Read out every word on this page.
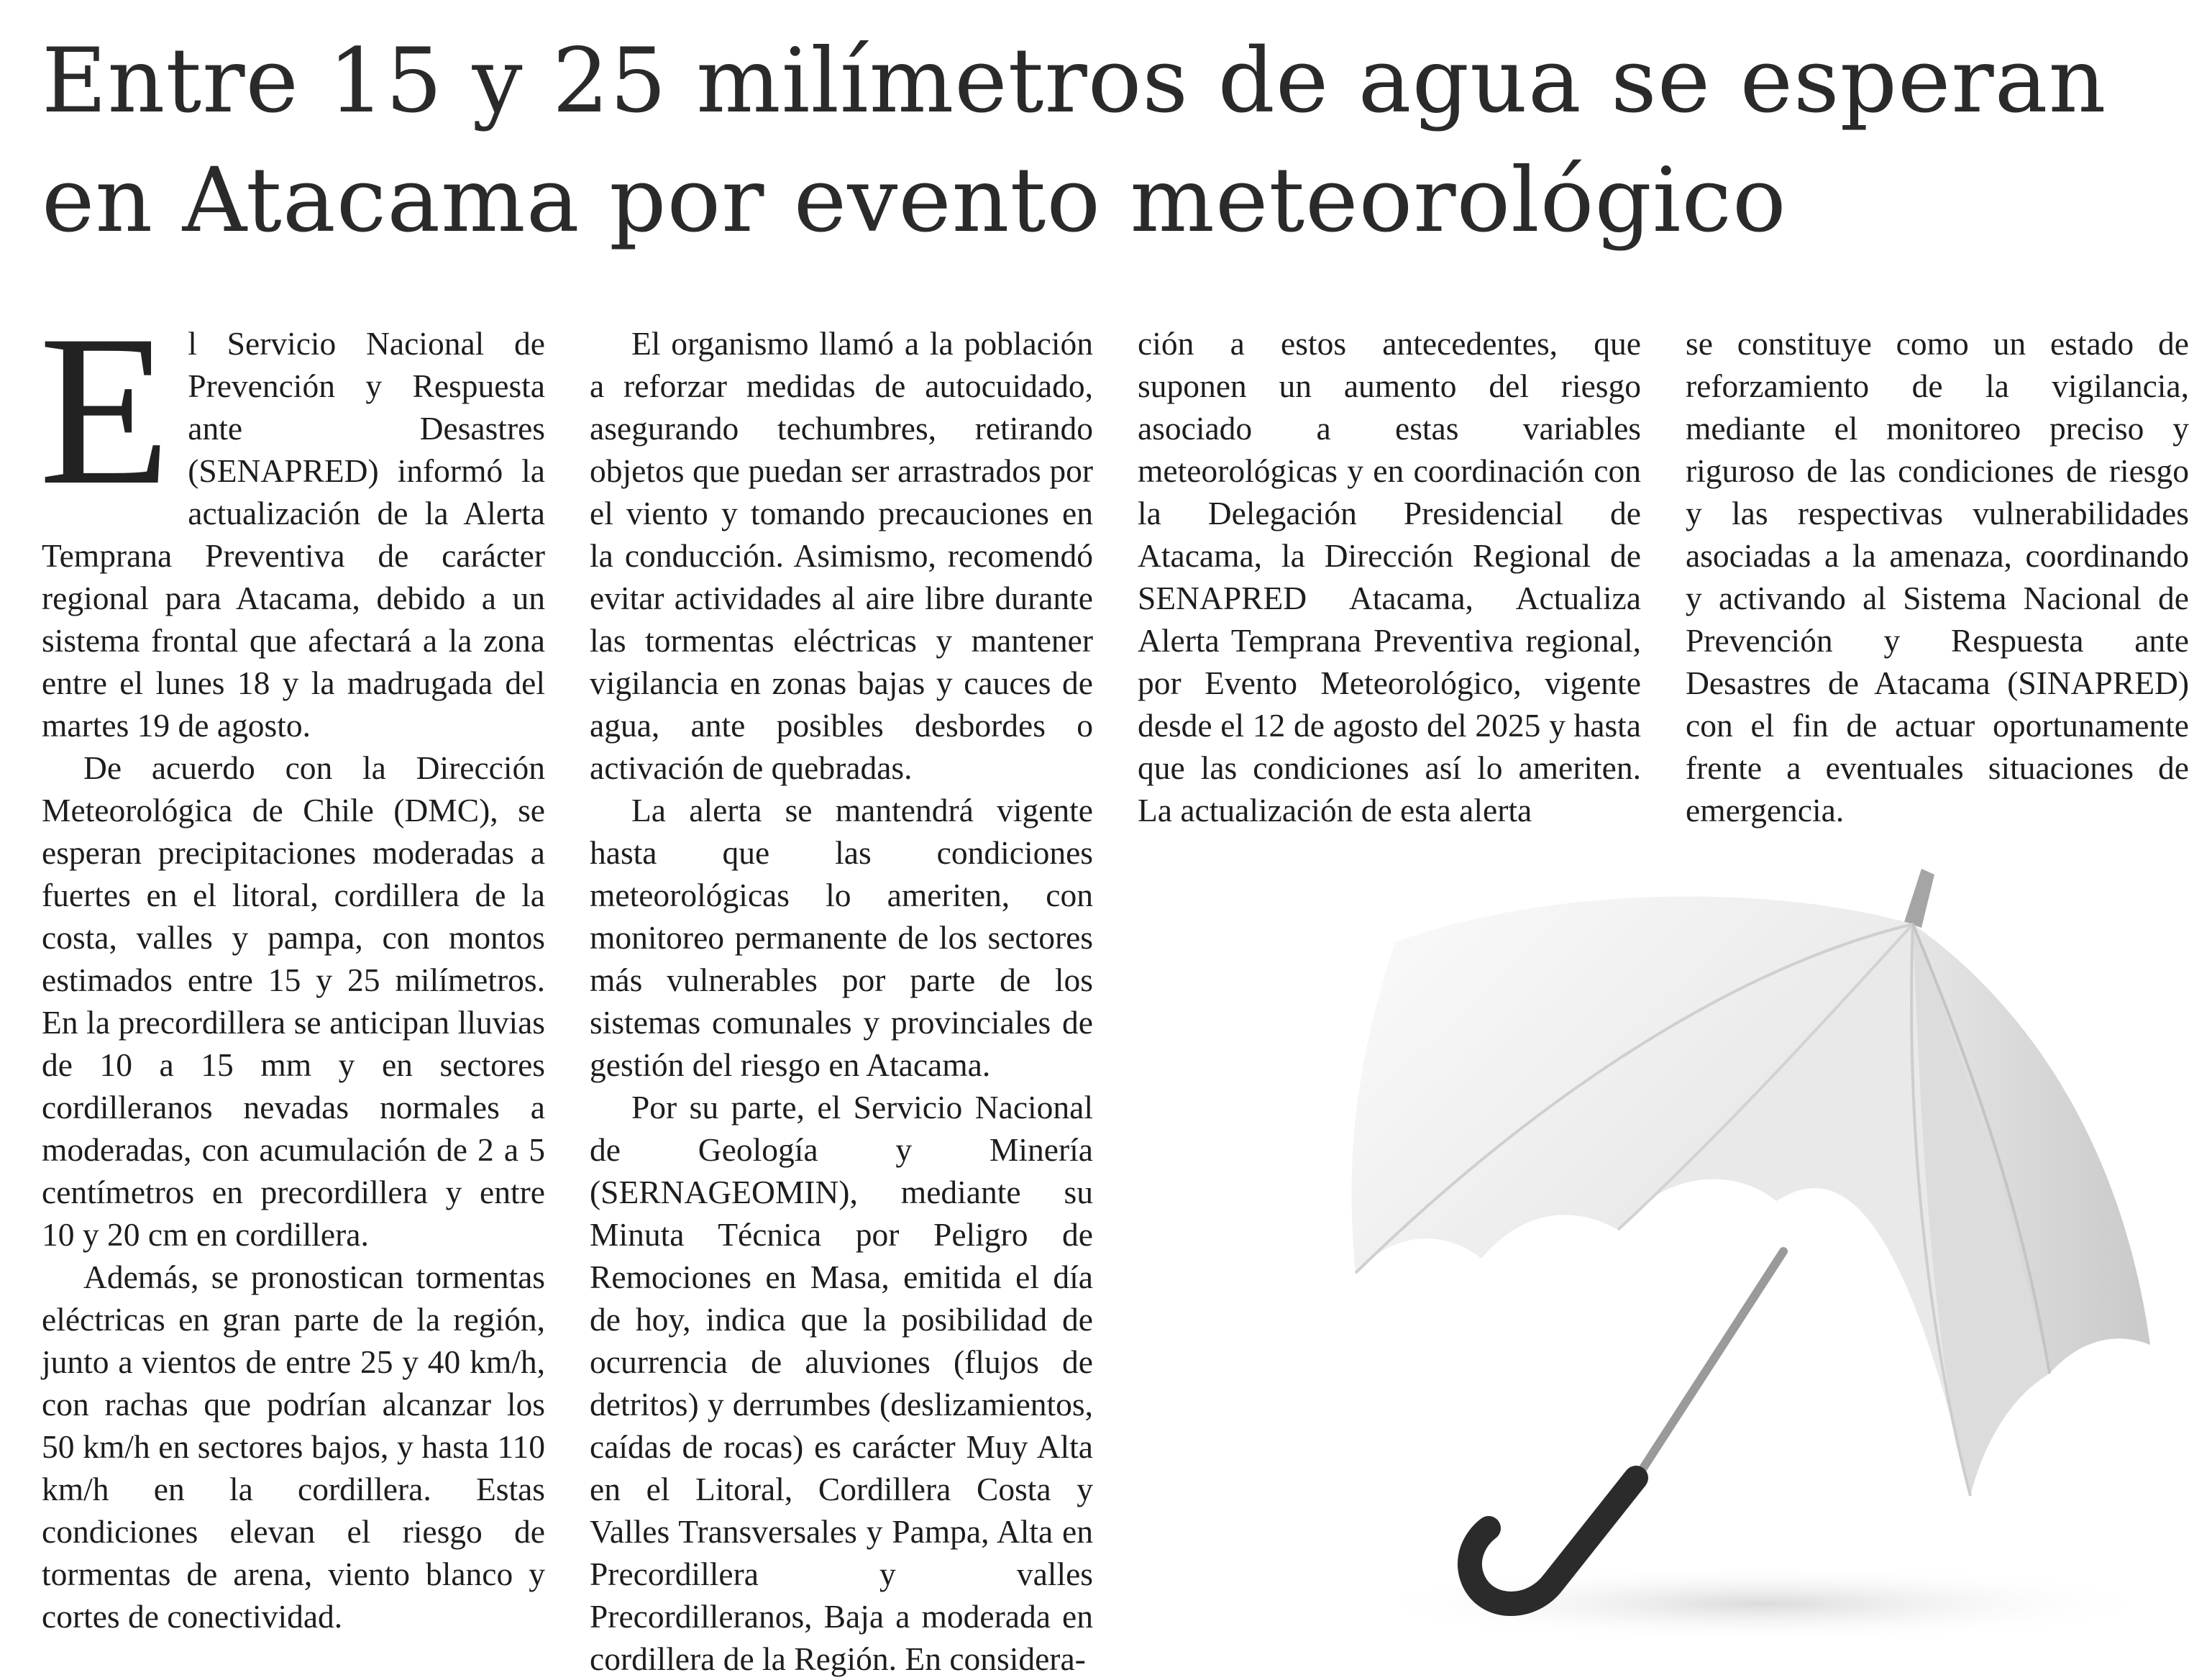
Entre 15 y 25 milímetros de agua se esperan
en Atacama por evento meteorológico

El Servicio Nacional de Prevención y Respuesta ante Desastres (SENAPRED) informó la actualización de la Alerta Temprana Preventiva de carácter regional para Atacama, debido a un sistema frontal que afectará a la zona entre el lunes 18 y la madrugada del martes 19 de agosto.

De acuerdo con la Dirección Meteorológica de Chile (DMC), se esperan precipitaciones moderadas a fuertes en el litoral, cordillera de la costa, valles y pampa, con montos estimados entre 15 y 25 milímetros. En la precordillera se anticipan lluvias de 10 a 15 mm y en sectores cordilleranos nevadas normales a moderadas, con acumulación de 2 a 5 centímetros en precordillera y entre 10 y 20 cm en cordillera.

Además, se pronostican tormentas eléctricas en gran parte de la región, junto a vientos de entre 25 y 40 km/h, con rachas que podrían alcanzar los 50 km/h en sectores bajos, y hasta 110 km/h en la cordillera. Estas condiciones elevan el riesgo de tormentas de arena, viento blanco y cortes de conectividad.

El organismo llamó a la población a reforzar medidas de autocuidado, asegurando techumbres, retirando objetos que puedan ser arrastrados por el viento y tomando precauciones en la conducción. Asimismo, recomendó evitar actividades al aire libre durante las tormentas eléctricas y mantener vigilancia en zonas bajas y cauces de agua, ante posibles desbordes o activación de quebradas.

La alerta se mantendrá vigente hasta que las condiciones meteorológicas lo ameriten, con monitoreo permanente de los sectores más vulnerables por parte de los sistemas comunales y provinciales de gestión del riesgo en Atacama.

Por su parte, el Servicio Nacional de Geología y Minería (SERNAGEOMIN), mediante su Minuta Técnica por Peligro de Remociones en Masa, emitida el día de hoy, indica que la posibilidad de ocurrencia de aluviones (flujos de detritos) y derrumbes (deslizamientos, caídas de rocas) es carácter Muy Alta en el Litoral, Cordillera Costa y Valles Transversales y Pampa, Alta en Precordillera y valles Precordilleranos, Baja a moderada en cordillera de la Región. En considera-

ción a estos antecedentes, que suponen un aumento del riesgo asociado a estas variables meteorológicas y en coordinación con la Delegación Presidencial de Atacama, la Dirección Regional de SENAPRED Atacama, Actualiza Alerta Temprana Preventiva regional, por Evento Meteorológico, vigente desde el 12 de agosto del 2025 y hasta que las condiciones así lo ameriten. La actualización de esta alerta

se constituye como un estado de reforzamiento de la vigilancia, mediante el monitoreo preciso y riguroso de las condiciones de riesgo y las respectivas vulnerabilidades asociadas a la amenaza, coordinando y activando al Sistema Nacional de Prevención y Respuesta ante Desastres de Atacama (SINAPRED) con el fin de actuar oportunamente frente a eventuales situaciones de emergencia.
